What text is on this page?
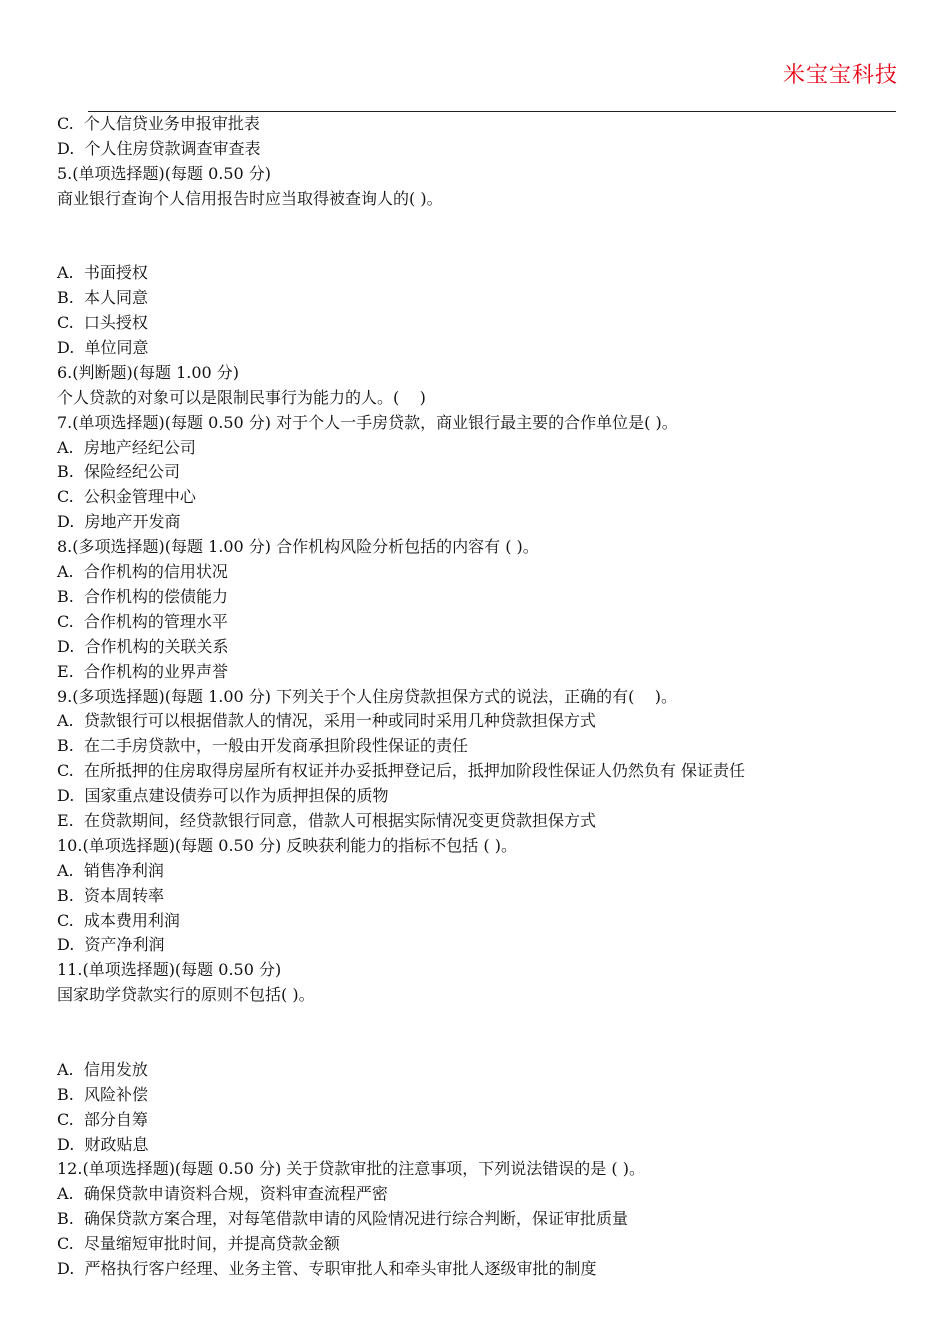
米宝宝科技
C.  个人信贷业务申报审批表
D.  个人住房贷款调查审查表
5.(单项选择题)(每题 0.50 分)
商业银行查询个人信用报告时应当取得被查询人的( )。
A.  书面授权
B.  本人同意
C.  口头授权
D.  单位同意
6.(判断题)(每题 1.00 分)
个人贷款的对象可以是限制民事行为能力的人。(    )
7.(单项选择题)(每题 0.50 分) 对于个人一手房贷款，商业银行最主要的合作单位是( )。
A.  房地产经纪公司
B.  保险经纪公司
C.  公积金管理中心
D.  房地产开发商
8.(多项选择题)(每题 1.00 分) 合作机构风险分析包括的内容有 ( )。
A.  合作机构的信用状况
B.  合作机构的偿债能力
C.  合作机构的管理水平
D.  合作机构的关联关系
E.  合作机构的业界声誉
9.(多项选择题)(每题 1.00 分) 下列关于个人住房贷款担保方式的说法，正确的有(    )。
A.  贷款银行可以根据借款人的情况，采用一种或同时采用几种贷款担保方式
B.  在二手房贷款中，一般由开发商承担阶段性保证的责任
C.  在所抵押的住房取得房屋所有权证并办妥抵押登记后，抵押加阶段性保证人仍然负有 保证责任
D.  国家重点建设债券可以作为质押担保的质物
E.  在贷款期间，经贷款银行同意，借款人可根据实际情况变更贷款担保方式
10.(单项选择题)(每题 0.50 分) 反映获利能力的指标不包括 ( )。
A.  销售净利润
B.  资本周转率
C.  成本费用利润
D.  资产净利润
11.(单项选择题)(每题 0.50 分)
国家助学贷款实行的原则不包括( )。
A.  信用发放
B.  风险补偿
C.  部分自筹
D.  财政贴息
12.(单项选择题)(每题 0.50 分) 关于贷款审批的注意事项，下列说法错误的是 ( )。
A.  确保贷款申请资料合规，资料审查流程严密
B.  确保贷款方案合理，对每笔借款申请的风险情况进行综合判断，保证审批质量
C.  尽量缩短审批时间，并提高贷款金额
D.  严格执行客户经理、业务主管、专职审批人和牵头审批人逐级审批的制度
